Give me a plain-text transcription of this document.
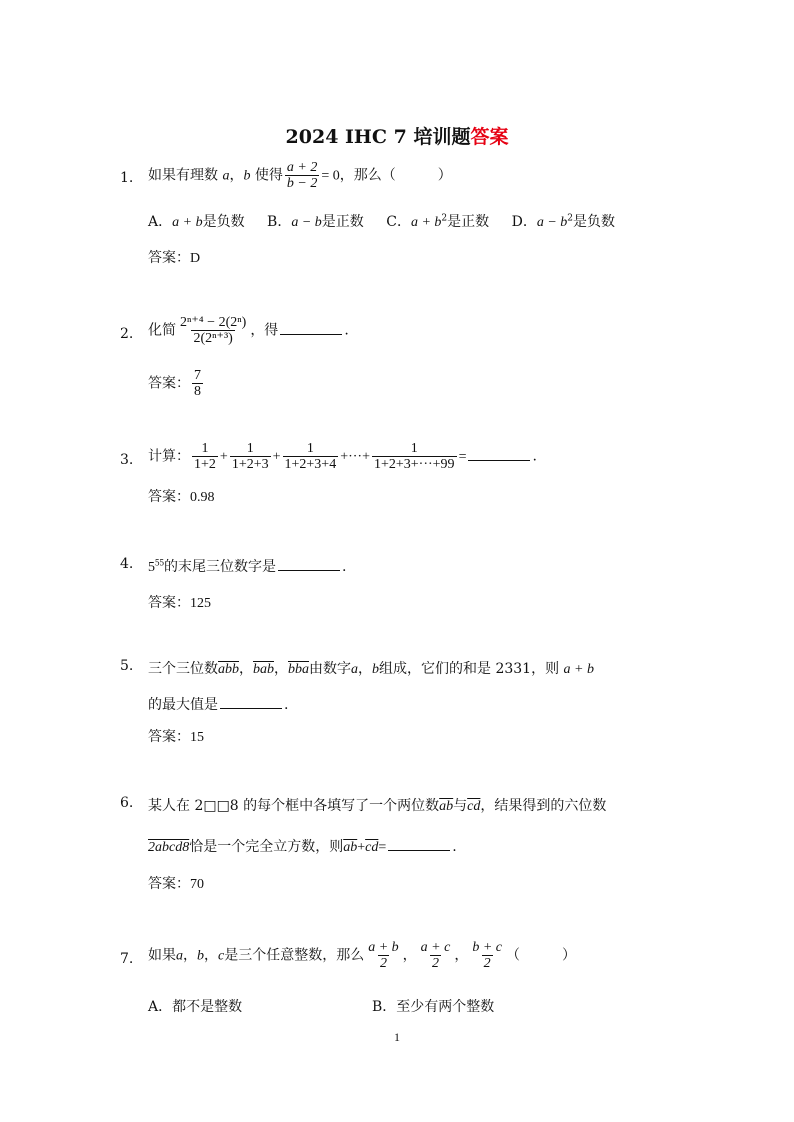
2024 IHC 7 培训题答案
1. 如果有理数 a，b 使得 $\frac{a + 2}{b - 2} = 0$，那么（	）
A．a + b是负数 B．a − b是正数 C．$a + b^2$是正数 D．$a - b^2$是负数
答案：D
2. 化简 $\frac{\text{2ⁿ⁺⁴ − 2(2ⁿ)}}{\text{2(2ⁿ⁺³)}}$ ，得	.
答案： $\frac{7}{8}$
3. 计算： $\frac{1}{1+2} + \frac{1}{1+2+3} + \frac{1}{1+2+3+4}$ +···+ $\frac{1}{1+2+3+\cdot\cdot\cdot+99}$ =	.
答案：0.98
4. $5^{55}$的末尾三位数字是	.
答案：125
5. 三个三位数$\overline{abb}$，$\overline{bab}$，$\overline{bba}$由数字a，b组成，它们的和是 2331，则 a + b
的最大值是	.
答案：15
6. 某人在 2□□8 的每个框中各填写了一个两位数$\overline{ab}$与$\overline{cd}$，结果得到的六位数
2abcd8恰是一个完全立方数，则$\overline{ab}+\overline{cd}=$	.
答案：70
7. 如果a，b，c是三个任意整数，那么 $\frac{a + b}{2}$ ， $\frac{a + c}{2}$ ， $\frac{b + c}{2}$ （	）
A．都不是整数	B．至少有两个整数
1
